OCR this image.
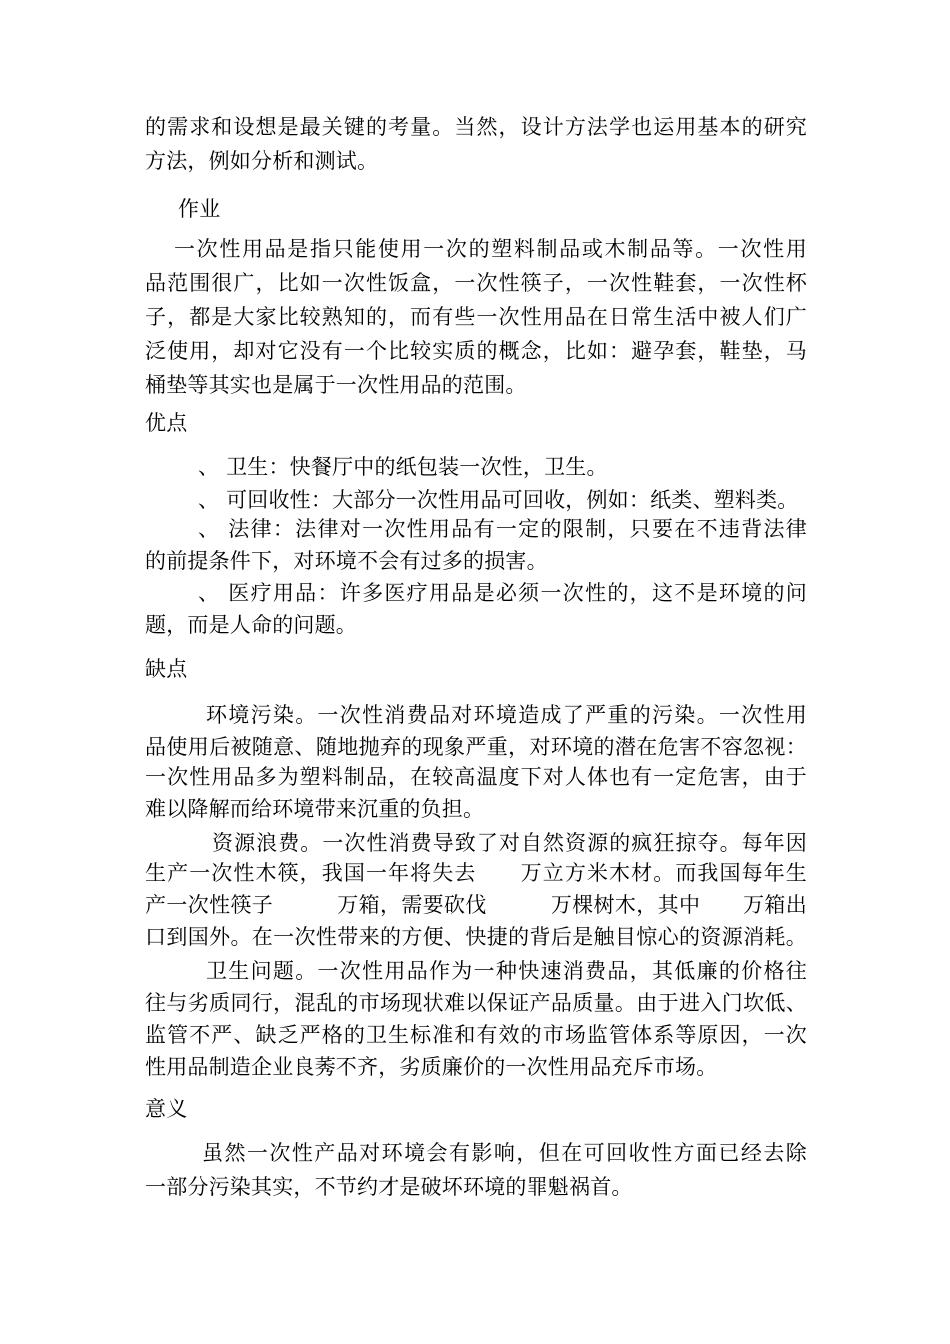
的需求和设想是最关键的考量。当然，设计方法学也运用基本的研究
方法，例如分析和测试。
作业
一次性用品是指只能使用一次的塑料制品或木制品等。一次性用
品范围很广，比如一次性饭盒，一次性筷子，一次性鞋套，一次性杯
子，都是大家比较熟知的，而有些一次性用品在日常生活中被人们广
泛使用，却对它没有一个比较实质的概念，比如：避孕套，鞋垫，马
桶垫等其实也是属于一次性用品的范围。
优点
、 卫生：快餐厅中的纸包装一次性，卫生。
、 可回收性：大部分一次性用品可回收，例如：纸类、塑料类。
、 法律：法律对一次性用品有一定的限制，只要在不违背法律
的前提条件下，对环境不会有过多的损害。
、 医疗用品：许多医疗用品是必须一次性的，这不是环境的问
题，而是人命的问题。
缺点
环境污染。一次性消费品对环境造成了严重的污染。一次性用
品使用后被随意、随地抛弃的现象严重，对环境的潜在危害不容忽视：
一次性用品多为塑料制品，在较高温度下对人体也有一定危害，由于
难以降解而给环境带来沉重的负担。
资源浪费。一次性消费导致了对自然资源的疯狂掠夺。每年因
生产一次性木筷，我国一年将失去　　万立方米木材。而我国每年生
产一次性筷子　　　万箱，需要砍伐　　　万棵树木，其中　　万箱出
口到国外。在一次性带来的方便、快捷的背后是触目惊心的资源消耗。
卫生问题。一次性用品作为一种快速消费品，其低廉的价格往
往与劣质同行，混乱的市场现状难以保证产品质量。由于进入门坎低、
监管不严、缺乏严格的卫生标准和有效的市场监管体系等原因，一次
性用品制造企业良莠不齐，劣质廉价的一次性用品充斥市场。
意义
虽然一次性产品对环境会有影响，但在可回收性方面已经去除
一部分污染其实，不节约才是破坏环境的罪魁祸首。
